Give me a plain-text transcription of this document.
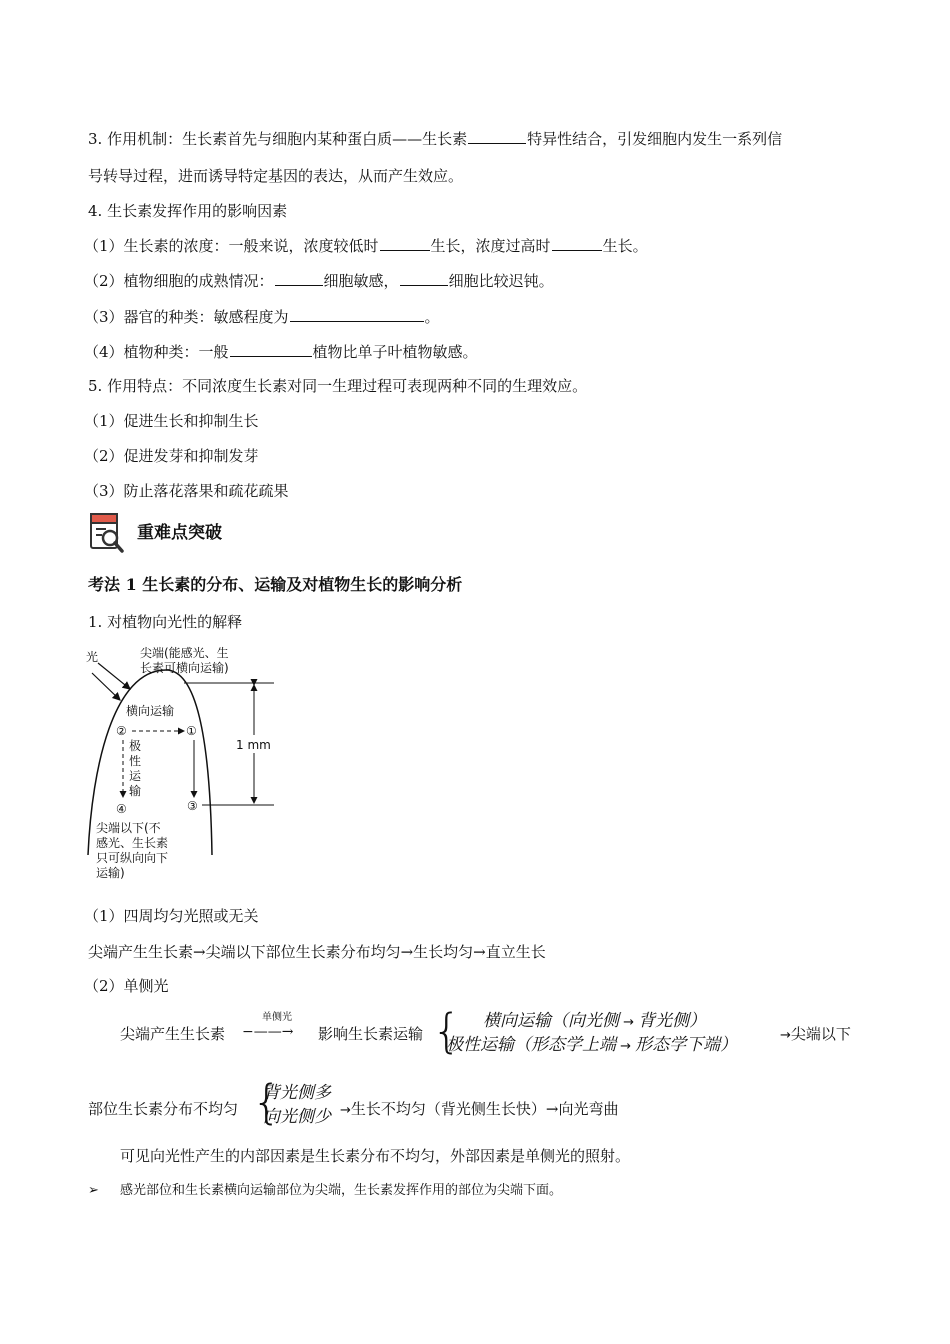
3. 作用机制：生长素首先与细胞内某种蛋白质——生长素	特异性结合，引发细胞内发生一系列信
号转导过程，进而诱导特定基因的表达，从而产生效应。
4. 生长素发挥作用的影响因素
（1）生长素的浓度：一般来说，浓度较低时	生长，浓度过高时	生长。
（2）植物细胞的成熟情况：	细胞敏感，	细胞比较迟钝。
（3）器官的种类：敏感程度为	。
（4）植物种类：一般	植物比单子叶植物敏感。
5. 作用特点：不同浓度生长素对同一生理过程可表现两种不同的生理效应。
（1）促进生长和抑制生长
（2）促进发芽和抑制发芽
（3）防止落花落果和疏花疏果
重难点突破
考法 1 生长素的分布、运输及对植物生长的影响分析
1. 对植物向光性的解释
1 mm
光	尖端(能感光、生
长素可横向运输)
横向运输
②	①
极
性
运
输
④	③
尖端以下(不
感光、生长素
只可纵向向下
运输)
（1）四周均匀光照或无关
尖端产生生长素→尖端以下部位生长素分布均匀→生长均匀→直立生长
（2）单侧光
尖端产生生长素
单侧光
−——→ 影响生长素运输 { 横向运输（向光侧 → 背光侧）
极性运输（形态学上端 → 形态学下端）	→尖端以下
部位生长素分布不均匀 {
背光侧多
向光侧少 →生长不均匀（背光侧生长快）→向光弯曲
可见向光性产生的内部因素是生长素分布不均匀，外部因素是单侧光的照射。
➢ 感光部位和生长素横向运输部位为尖端，生长素发挥作用的部位为尖端下面。
